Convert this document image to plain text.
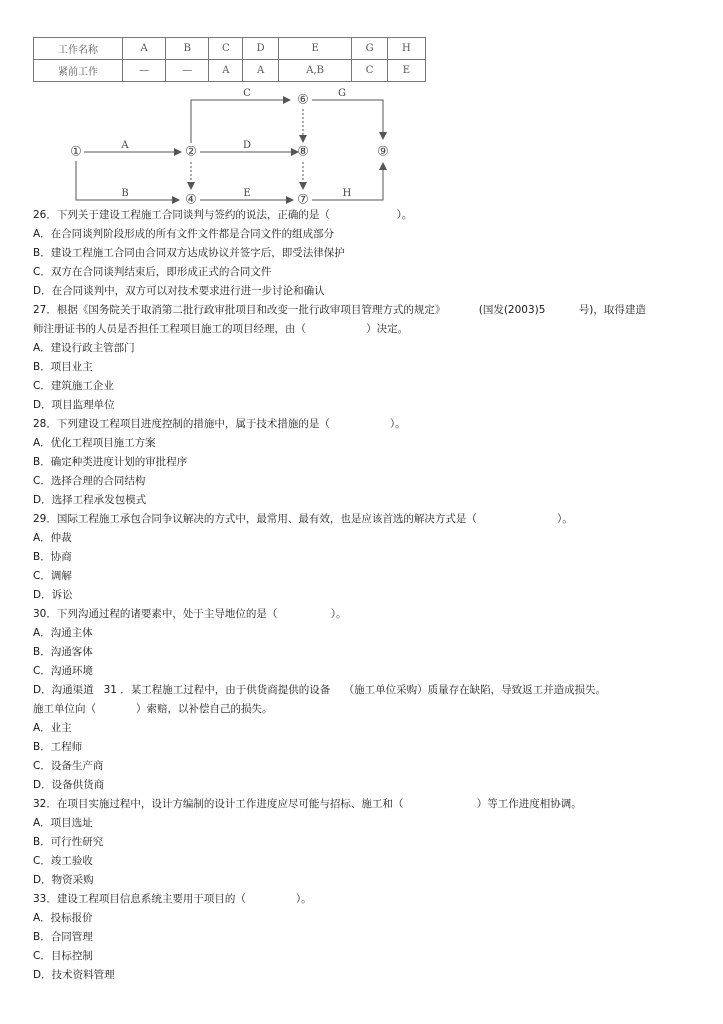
工作名称	A	B	C	D	E	G	H
紧前工作	—	—	A	A	A,B	C	E
①	②
④
⑥
⑧
⑦
⑨
A
B
C
D
E
G
H
26．下列关于建设工程施工合同谈判与签约的说法，正确的是（                    ）。
A．在合同谈判阶段形成的所有文件文件都是合同文件的组成部分
B．建设工程施工合同由合同双方达成协议并签字后，即受法律保护
C．双方在合同谈判结束后，即形成正式的合同文件
D．在合同谈判中，双方可以对技术要求进行进一步讨论和确认
27．根据《国务院关于取消第二批行政审批项目和改变一批行政审项目管理方式的规定》          (国发(2003)5          号)，取得建造
师注册证书的人员是否担任工程项目施工的项目经理，由（                  ）决定。
A．建设行政主管部门
B．项目业主
C．建筑施工企业
D．项目监理单位
28．下列建设工程项目进度控制的措施中，属于技术措施的是（                  ）。
A．优化工程项目施工方案
B．确定种类进度计划的审批程序
C．选择合理的合同结构
D．选择工程承发包模式
29．国际工程施工承包合同争议解决的方式中，最常用、最有效，也是应该首选的解决方式是（                        ）。
A．仲裁
B．协商
C．调解
D．诉讼
30．下列沟通过程的诸要素中，处于主导地位的是（                ）。
A．沟通主体
B．沟通客体
C．沟通环境
D．沟通渠道   31 ．某工程施工过程中，由于供货商提供的设备    （施工单位采购）质量存在缺陷，导致返工并造成损失。
施工单位向（            ）索赔，以补偿自己的损失。
A．业主
B．工程师
C．设备生产商
D．设备供货商
32．在项目实施过程中，设计方编制的设计工作进度应尽可能与招标、施工和（                      ）等工作进度相协调。
A．项目选址
B．可行性研究
C．竣工验收
D．物资采购
33．建设工程项目信息系统主要用于项目的（               ）。
A．投标报价
B．合同管理
C．目标控制
D．技术资料管理
